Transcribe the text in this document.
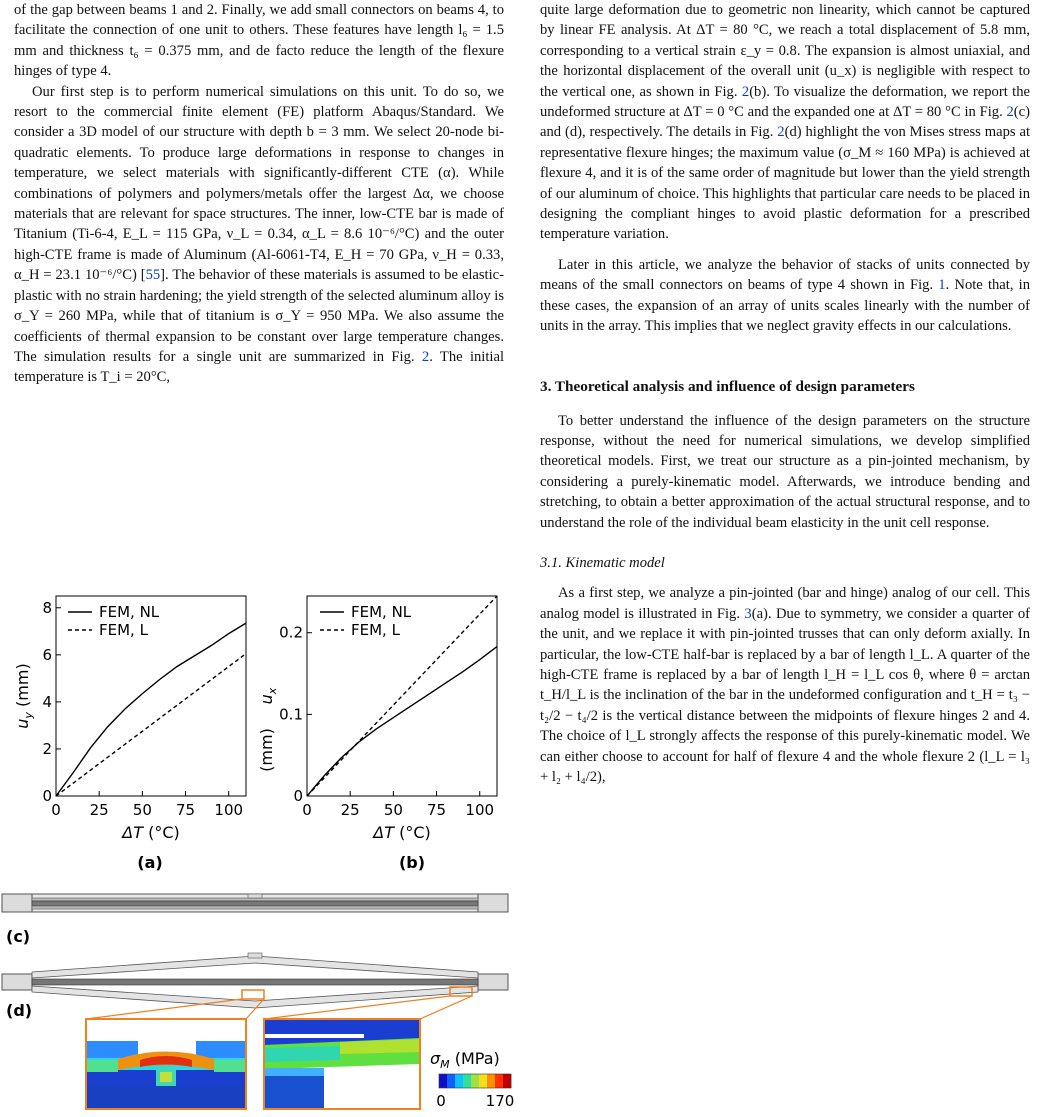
of the gap between beams 1 and 2. Finally, we add small connectors on beams 4, to facilitate the connection of one unit to others. These features have length l₆ = 1.5 mm and thickness t₆ = 0.375 mm, and de facto reduce the length of the flexure hinges of type 4.

Our first step is to perform numerical simulations on this unit. To do so, we resort to the commercial finite element (FE) platform Abaqus/Standard. We consider a 3D model of our structure with depth b = 3 mm. We select 20-node bi-quadratic elements. To produce large deformations in response to changes in temperature, we select materials with significantly-different CTE (α). While combinations of polymers and polymers/metals offer the largest Δα, we choose materials that are relevant for space structures. The inner, low-CTE bar is made of Titanium (Ti-6-4, E_L = 115 GPa, ν_L = 0.34, α_L = 8.6 10⁻⁶/°C) and the outer high-CTE frame is made of Aluminum (Al-6061-T4, E_H = 70 GPa, ν_H = 0.33, α_H = 23.1 10⁻⁶/°C) [55]. The behavior of these materials is assumed to be elastic-plastic with no strain hardening; the yield strength of the selected aluminum alloy is σ_Y = 260 MPa, while that of titanium is σ_Y = 950 MPa. We also assume the coefficients of thermal expansion to be constant over large temperature changes. The simulation results for a single unit are summarized in Fig. 2. The initial temperature is T_i = 20°C,

quite large deformation due to geometric non linearity, which cannot be captured by linear FE analysis. At ΔT = 80 °C, we reach a total displacement of 5.8 mm, corresponding to a vertical strain ε_y = 0.8. The expansion is almost uniaxial, and the horizontal displacement of the overall unit (u_x) is negligible with respect to the vertical one, as shown in Fig. 2(b). To visualize the deformation, we report the undeformed structure at ΔT = 0 °C and the expanded one at ΔT = 80 °C in Fig. 2(c) and (d), respectively. The details in Fig. 2(d) highlight the von Mises stress maps at representative flexure hinges; the maximum value (σ_M ≈ 160 MPa) is achieved at flexure 4, and it is of the same order of magnitude but lower than the yield strength of our aluminum of choice. This highlights that particular care needs to be placed in designing the compliant hinges to avoid plastic deformation for a prescribed temperature variation.

Later in this article, we analyze the behavior of stacks of units connected by means of the small connectors on beams of type 4 shown in Fig. 1. Note that, in these cases, the expansion of an array of units scales linearly with the number of units in the array. This implies that we neglect gravity effects in our calculations.

3. Theoretical analysis and influence of design parameters

To better understand the influence of the design parameters on the structure response, without the need for numerical simulations, we develop simplified theoretical models. First, we treat our structure as a pin-jointed mechanism, by considering a purely-kinematic model. Afterwards, we introduce bending and stretching, to obtain a better approximation of the actual structural response, and to understand the role of the individual beam elasticity in the unit cell response.

3.1. Kinematic model

As a first step, we analyze a pin-jointed (bar and hinge) analog of our cell. This analog model is illustrated in Fig. 3(a). Due to symmetry, we consider a quarter of the unit, and we replace it with pin-jointed trusses that can only deform axially. In particular, the low-CTE half-bar is replaced by a bar of length l_L. A quarter of the high-CTE frame is replaced by a bar of length l_H = l_L cos θ, where θ = arctan t_H/l_L is the inclination of the bar in the undeformed configuration and t_H = t₃ − t₂/2 − t₄/2 is the vertical distance between the midpoints of flexure hinges 2 and 4. The choice of l_L strongly affects the response of this purely-kinematic model. We can either choose to account for half of flexure 4 and the whole flexure 2 (l_L = l₃ + l₂ + l₄/2),

0 25 50 75 100
0
2
4
6
8
$u_y$ (mm)
ΔT (°C)
FEM, NL
FEM, L
(a)
0 25 50 75 100
0
0.1
0.2
$u_x$
ΔT (°C)
(mm)
FEM, NL
FEM, L
(b)
(c)
(d)
$\sigma_M$ (MPa)
0	170
